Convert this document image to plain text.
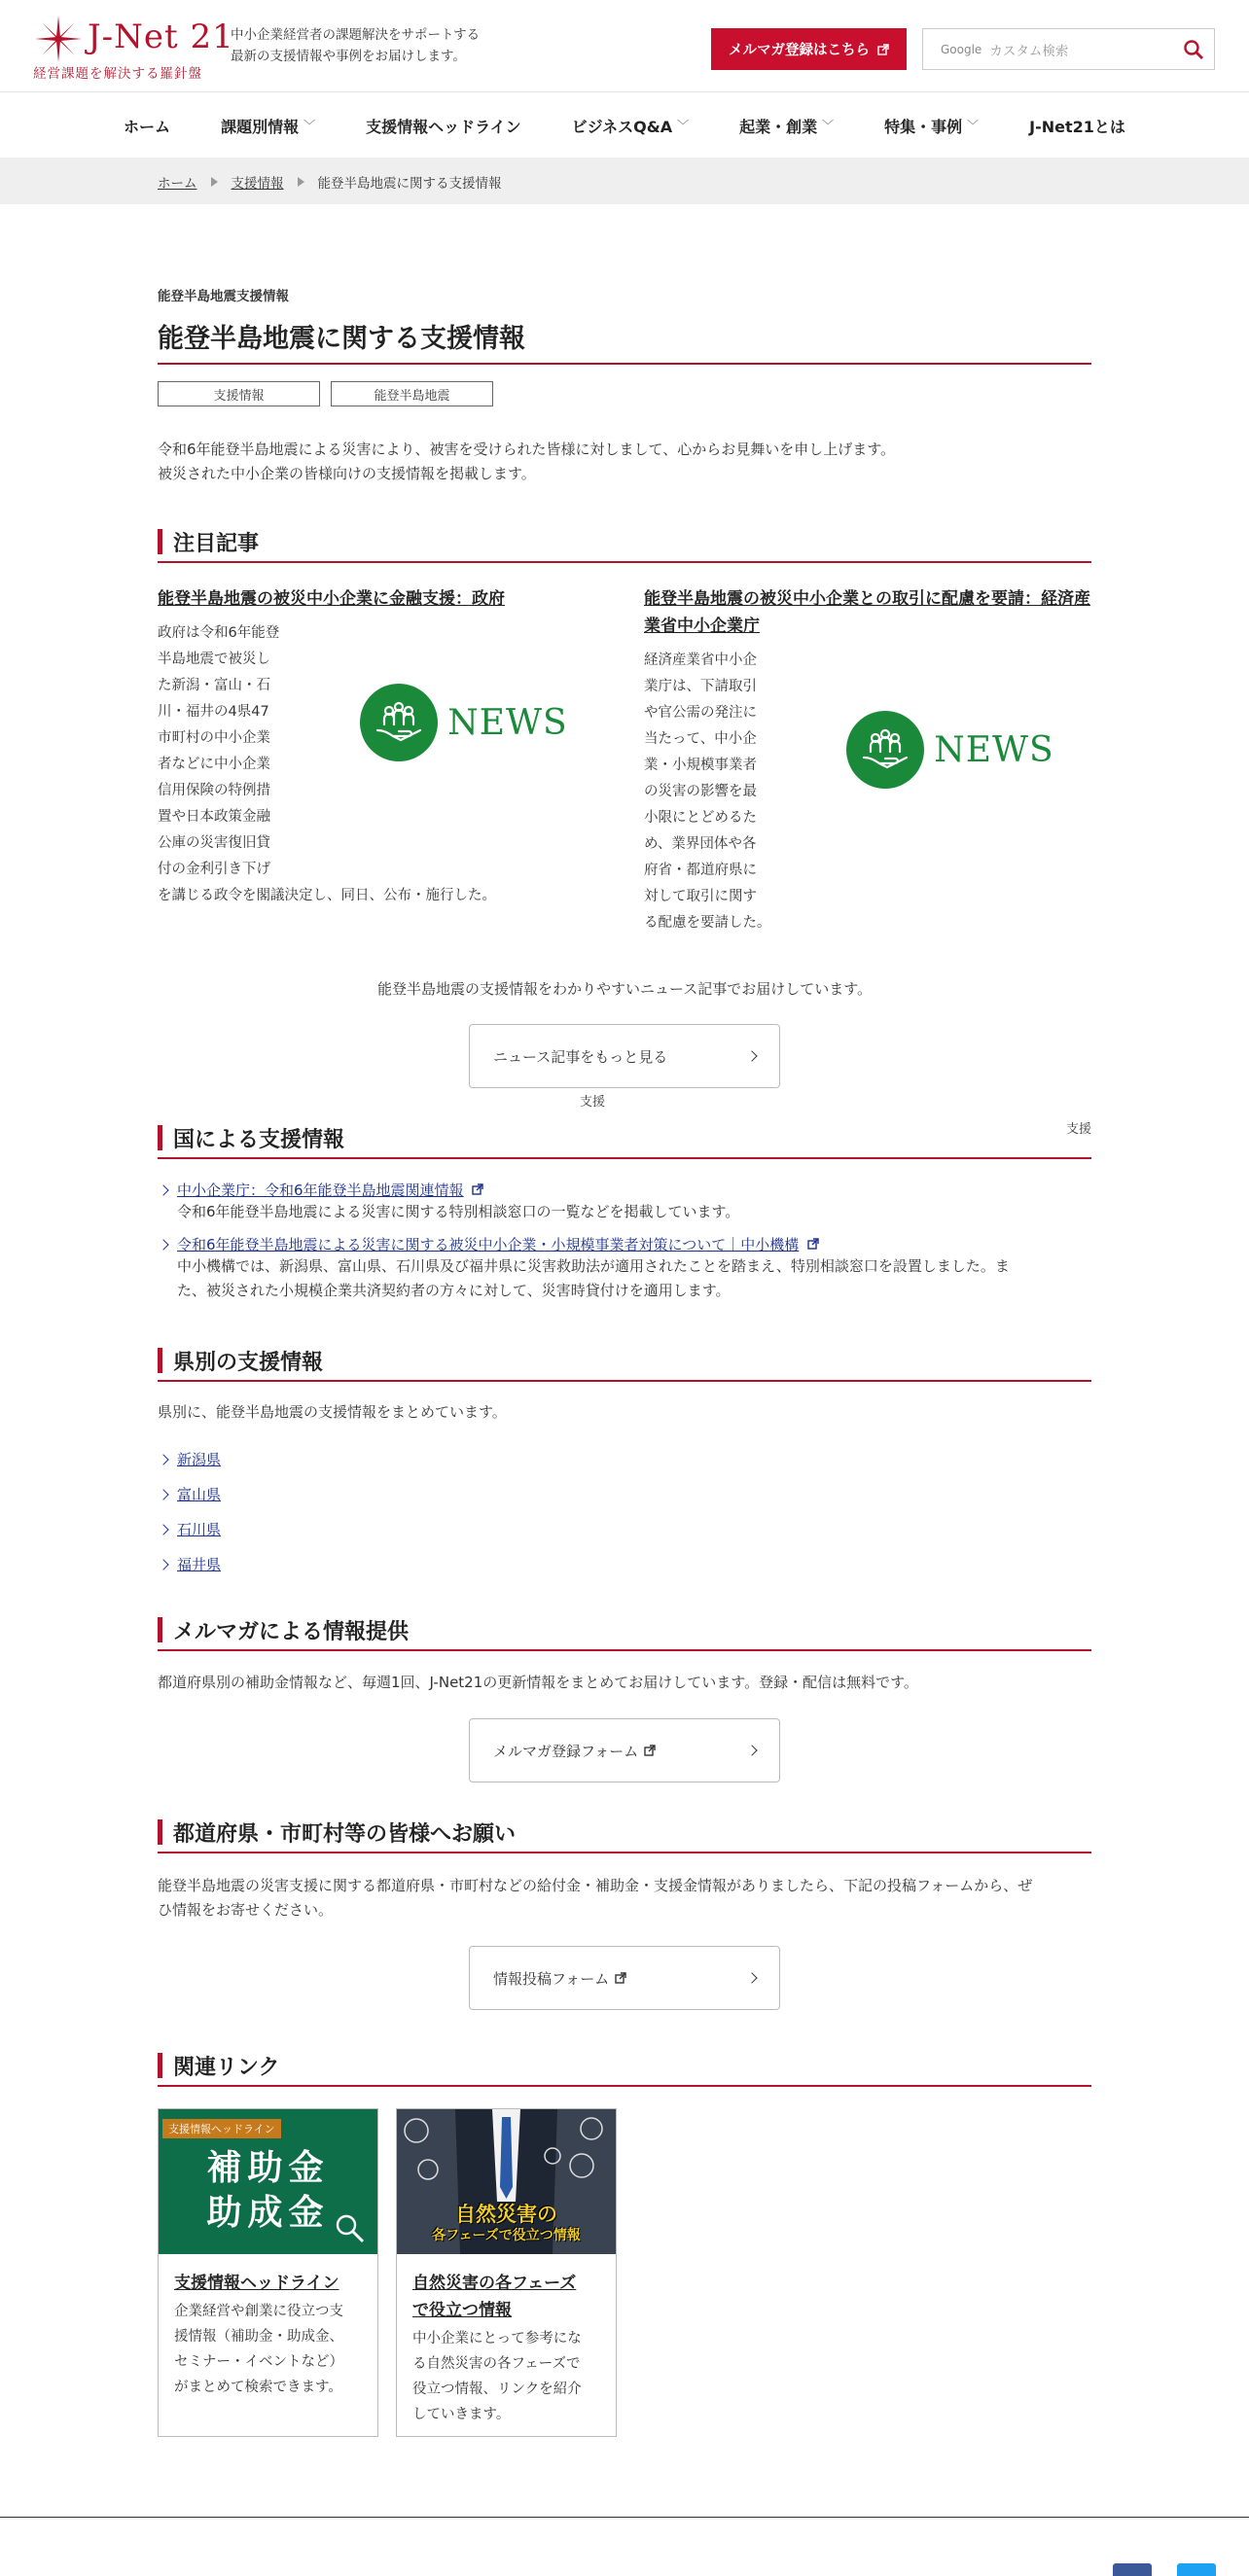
J-Net 21
経営課題を解決する羅針盤
中小企業経営者の課題解決をサポートする
最新の支援情報や事例をお届けします。	メルマガ登録はこちら	Google カスタム検索
ホーム	課題別情報 ﹀	支援情報ヘッドライン	ビジネスQ&A ﹀	起業・創業 ﹀	特集・事例 ﹀	J-Net21とは
ホーム	支援情報	能登半島地震に関する支援情報
能登半島地震支援情報
能登半島地震に関する支援情報
支援情報	能登半島地震
令和6年能登半島地震による災害により、被害を受けられた皆様に対しまして、心からお見舞いを申し上げます。
被災された中小企業の皆様向けの支援情報を掲載します。
注目記事
能登半島地震の被災中小企業に金融支援：政府
政府は令和6年能登
半島地震で被災し
た新潟・富山・石
川・福井の4県47
市町村の中小企業
者などに中小企業
信用保険の特例措
置や日本政策金融
公庫の災害復旧貸
付の金利引き下げ
を講じる政令を閣議決定し、同日、公布・施行した。
NEWS
支援
能登半島地震の被災中小企業との取引に配慮を要請：経済産業省中小企業庁
経済産業省中小企
業庁は、下請取引
や官公需の発注に
当たって、中小企
業・小規模事業者
の災害の影響を最
小限にとどめるた
め、業界団体や各
府省・都道府県に
対して取引に関す
る配慮を要請した。
NEWS
支援
能登半島地震の支援情報をわかりやすいニュース記事でお届けしています。
ニュース記事をもっと見る
国による支援情報
中小企業庁：令和6年能登半島地震関連情報
令和6年能登半島地震による災害に関する特別相談窓口の一覧などを掲載しています。
令和6年能登半島地震による災害に関する被災中小企業・小規模事業者対策について｜中小機構
中小機構では、新潟県、富山県、石川県及び福井県に災害救助法が適用されたことを踏まえ、特別相談窓口を設置しました。ま
た、被災された小規模企業共済契約者の方々に対して、災害時貸付けを適用します。
県別の支援情報
県別に、能登半島地震の支援情報をまとめています。
新潟県
富山県
石川県
福井県
メルマガによる情報提供
都道府県別の補助金情報など、毎週1回、J-Net21の更新情報をまとめてお届けしています。登録・配信は無料です。
メルマガ登録フォーム
都道府県・市町村等の皆様へお願い
能登半島地震の災害支援に関する都道府県・市町村などの給付金・補助金・支援金情報がありましたら、下記の投稿フォームから、ぜ
ひ情報をお寄せください。
情報投稿フォーム
関連リンク
支援情報ヘッドライン
補助金
助成金
支援情報ヘッドライン
企業経営や創業に役立つ支
援情報（補助金・助成金、
セミナー・イベントなど）
がまとめて検索できます。
自然災害の
各フェーズで役立つ情報
自然災害の各フェーズ
で役立つ情報
中小企業にとって参考にな
る自然災害の各フェーズで
役立つ情報、リンクを紹介
していきます。
